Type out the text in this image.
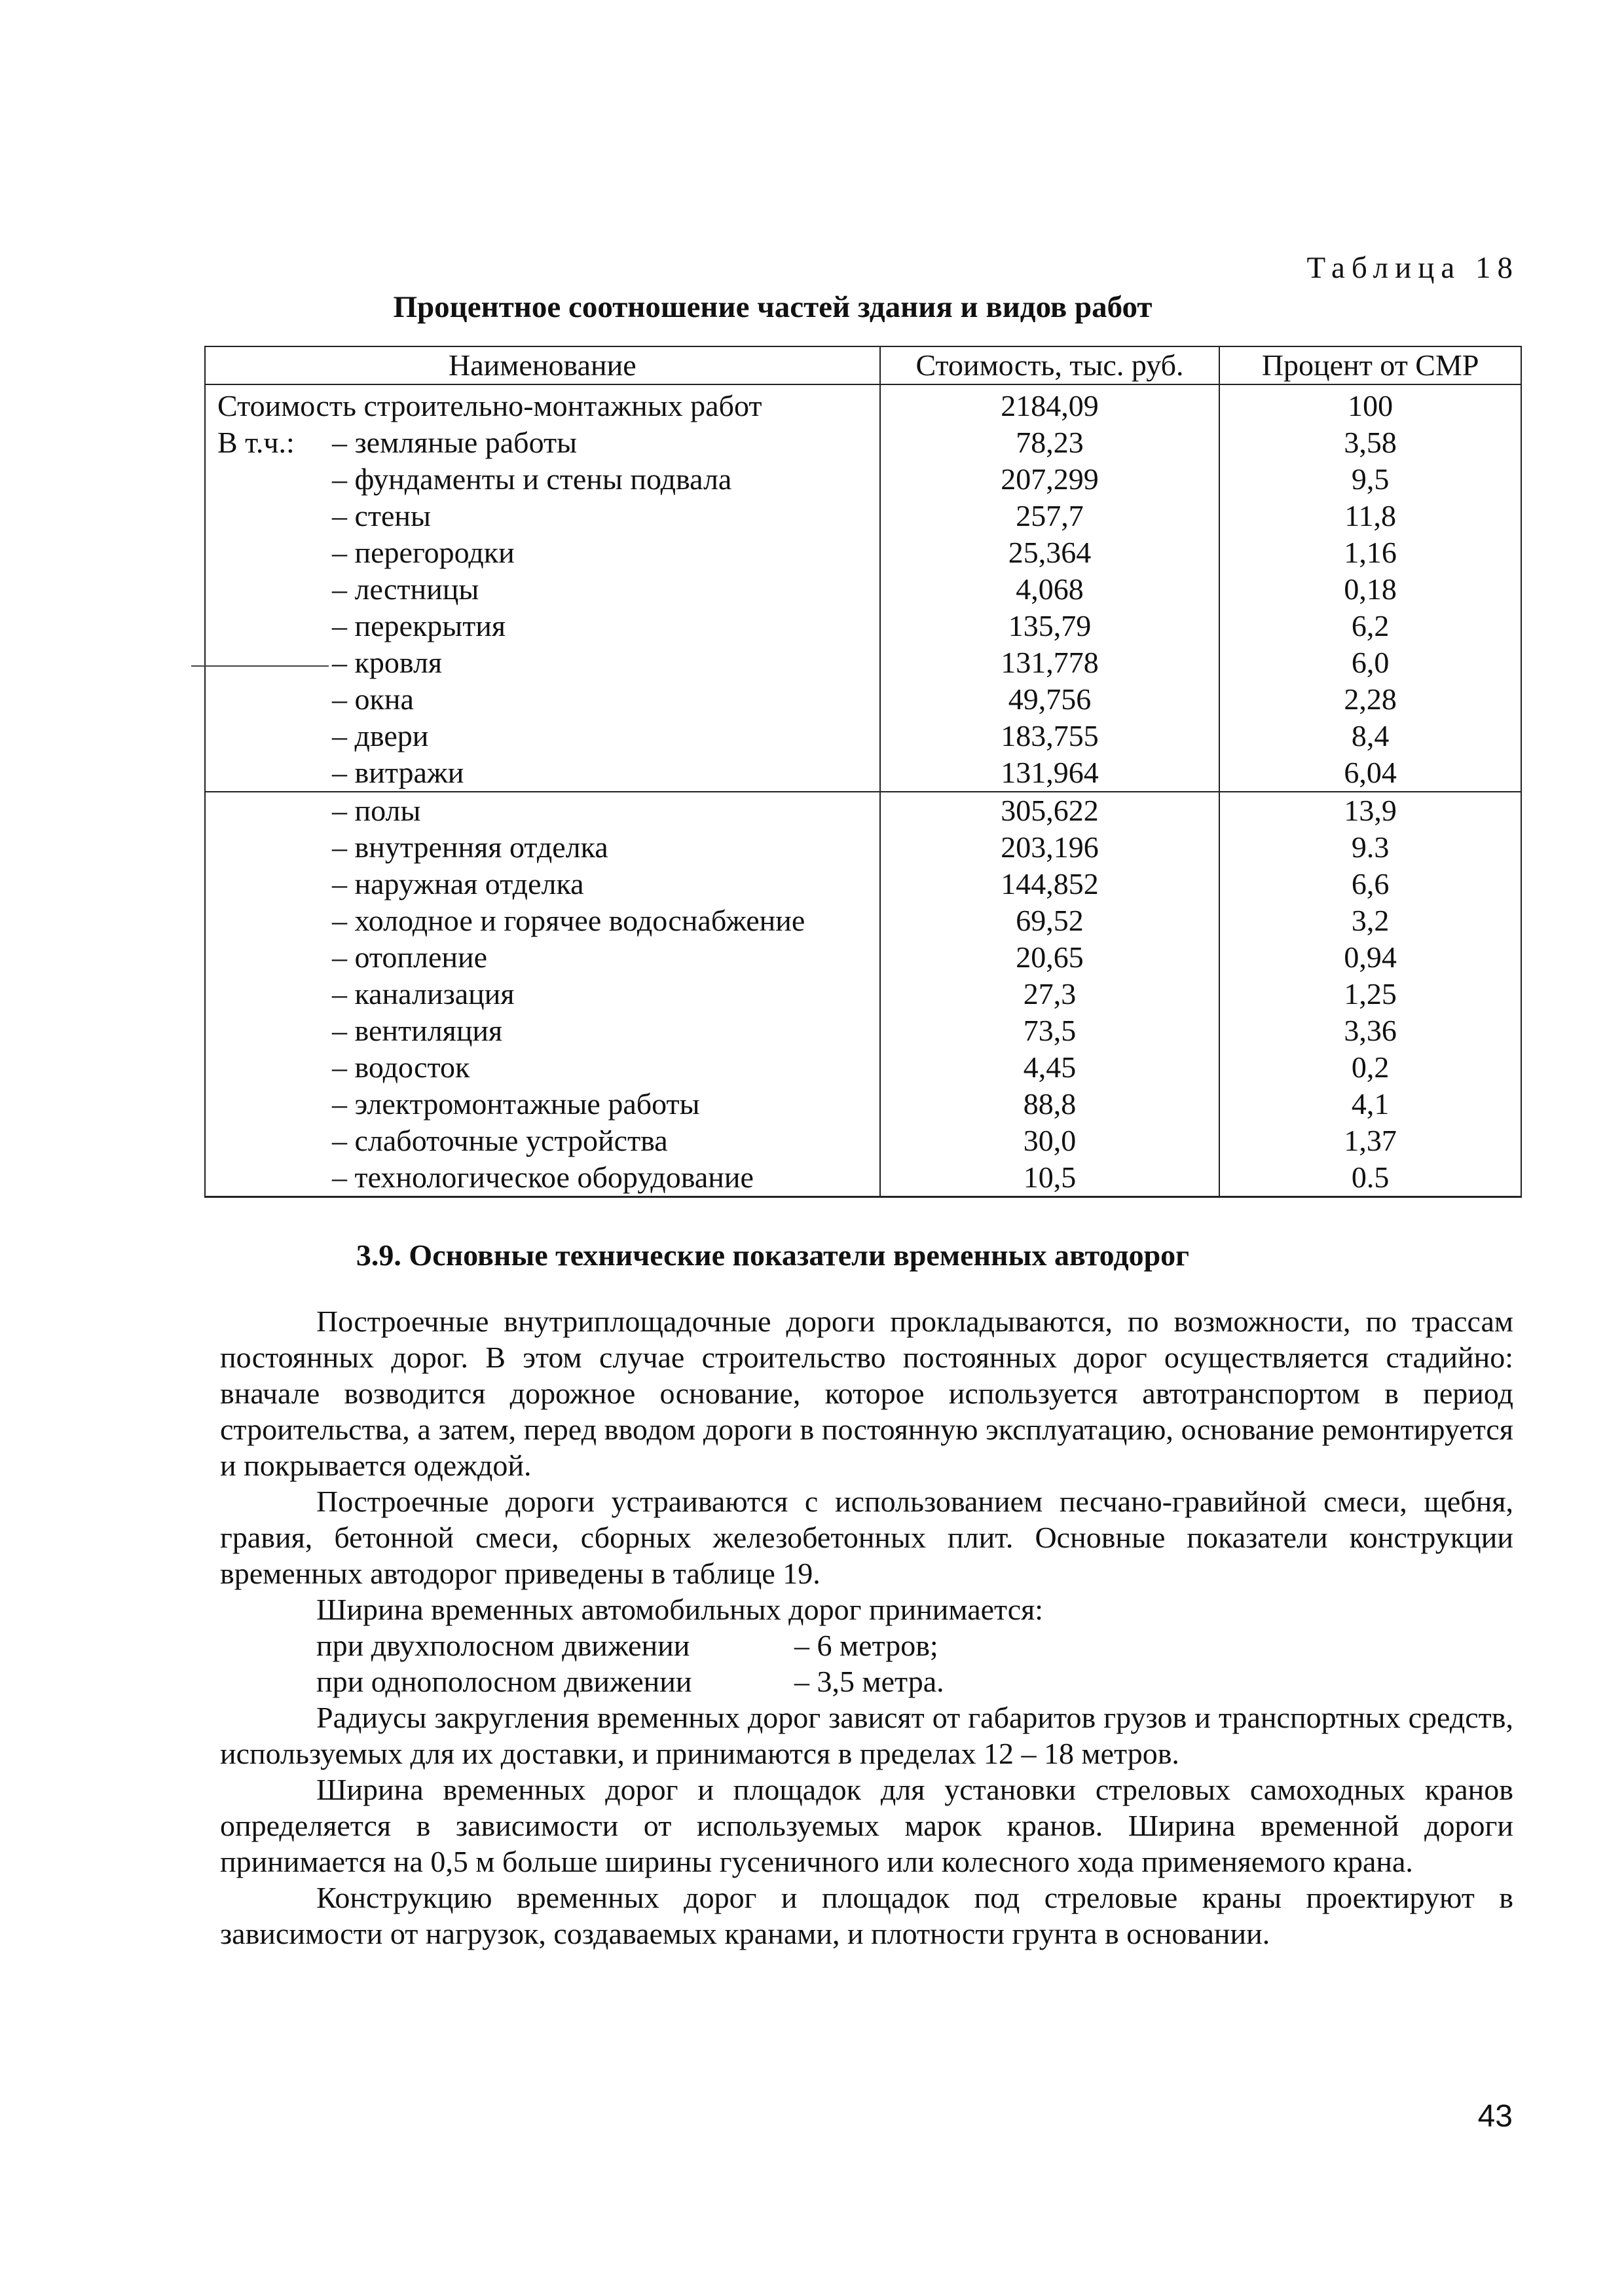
Таблица 18
Процентное соотношение частей здания и видов работ
Наименование	Стоимость, тыс. руб.	Процент от СМР
Стоимость строительно-монтажных работ	2184,09	100
В т.ч.: – земляные работы	78,23	3,58
– фундаменты и стены подвала	207,299	9,5
– стены	257,7	11,8
– перегородки	25,364	1,16
– лестницы	4,068	0,18
– перекрытия	135,79	6,2
– кровля	131,778	6,0
– окна	49,756	2,28
– двери	183,755	8,4
– витражи	131,964	6,04
– полы	305,622	13,9
– внутренняя отделка	203,196	9.3
– наружная отделка	144,852	6,6
– холодное и горячее водоснабжение	69,52	3,2
– отопление	20,65	0,94
– канализация	27,3	1,25
– вентиляция	73,5	3,36
– водосток	4,45	0,2
– электромонтажные работы	88,8	4,1
– слаботочные устройства	30,0	1,37
– технологическое оборудование	10,5	0.5
3.9. Основные технические показатели временных автодорог

Построечные внутриплощадочные дороги прокладываются, по возможности, по трассам постоянных дорог. В этом случае строительство постоянных дорог осуществляется стадийно: вначале возводится дорожное основание, которое используется автотранспортом в период строительства, а затем, перед вводом дороги в постоянную эксплуатацию, основание ремонтируется и покрывается одеждой.

Построечные дороги устраиваются с использованием песчано-гравийной смеси, щебня, гравия, бетонной смеси, сборных железобетонных плит. Основные показатели конструкции временных автодорог приведены в таблице 19.

Ширина временных автомобильных дорог принимается:

при двухполосном движении	– 6 метров;
при однополосном движении	– 3,5 метра.

Радиусы закругления временных дорог зависят от габаритов грузов и транспортных средств, используемых для их доставки, и принимаются в пределах 12 – 18 метров.

Ширина временных дорог и площадок для установки стреловых самоходных кранов определяется в зависимости от используемых марок кранов. Ширина временной дороги принимается на 0,5 м больше ширины гусеничного или колесного хода применяемого крана.

Конструкцию временных дорог и площадок под стреловые краны проектируют в зависимости от нагрузок, создаваемых кранами, и плотности грунта в основании.

43
